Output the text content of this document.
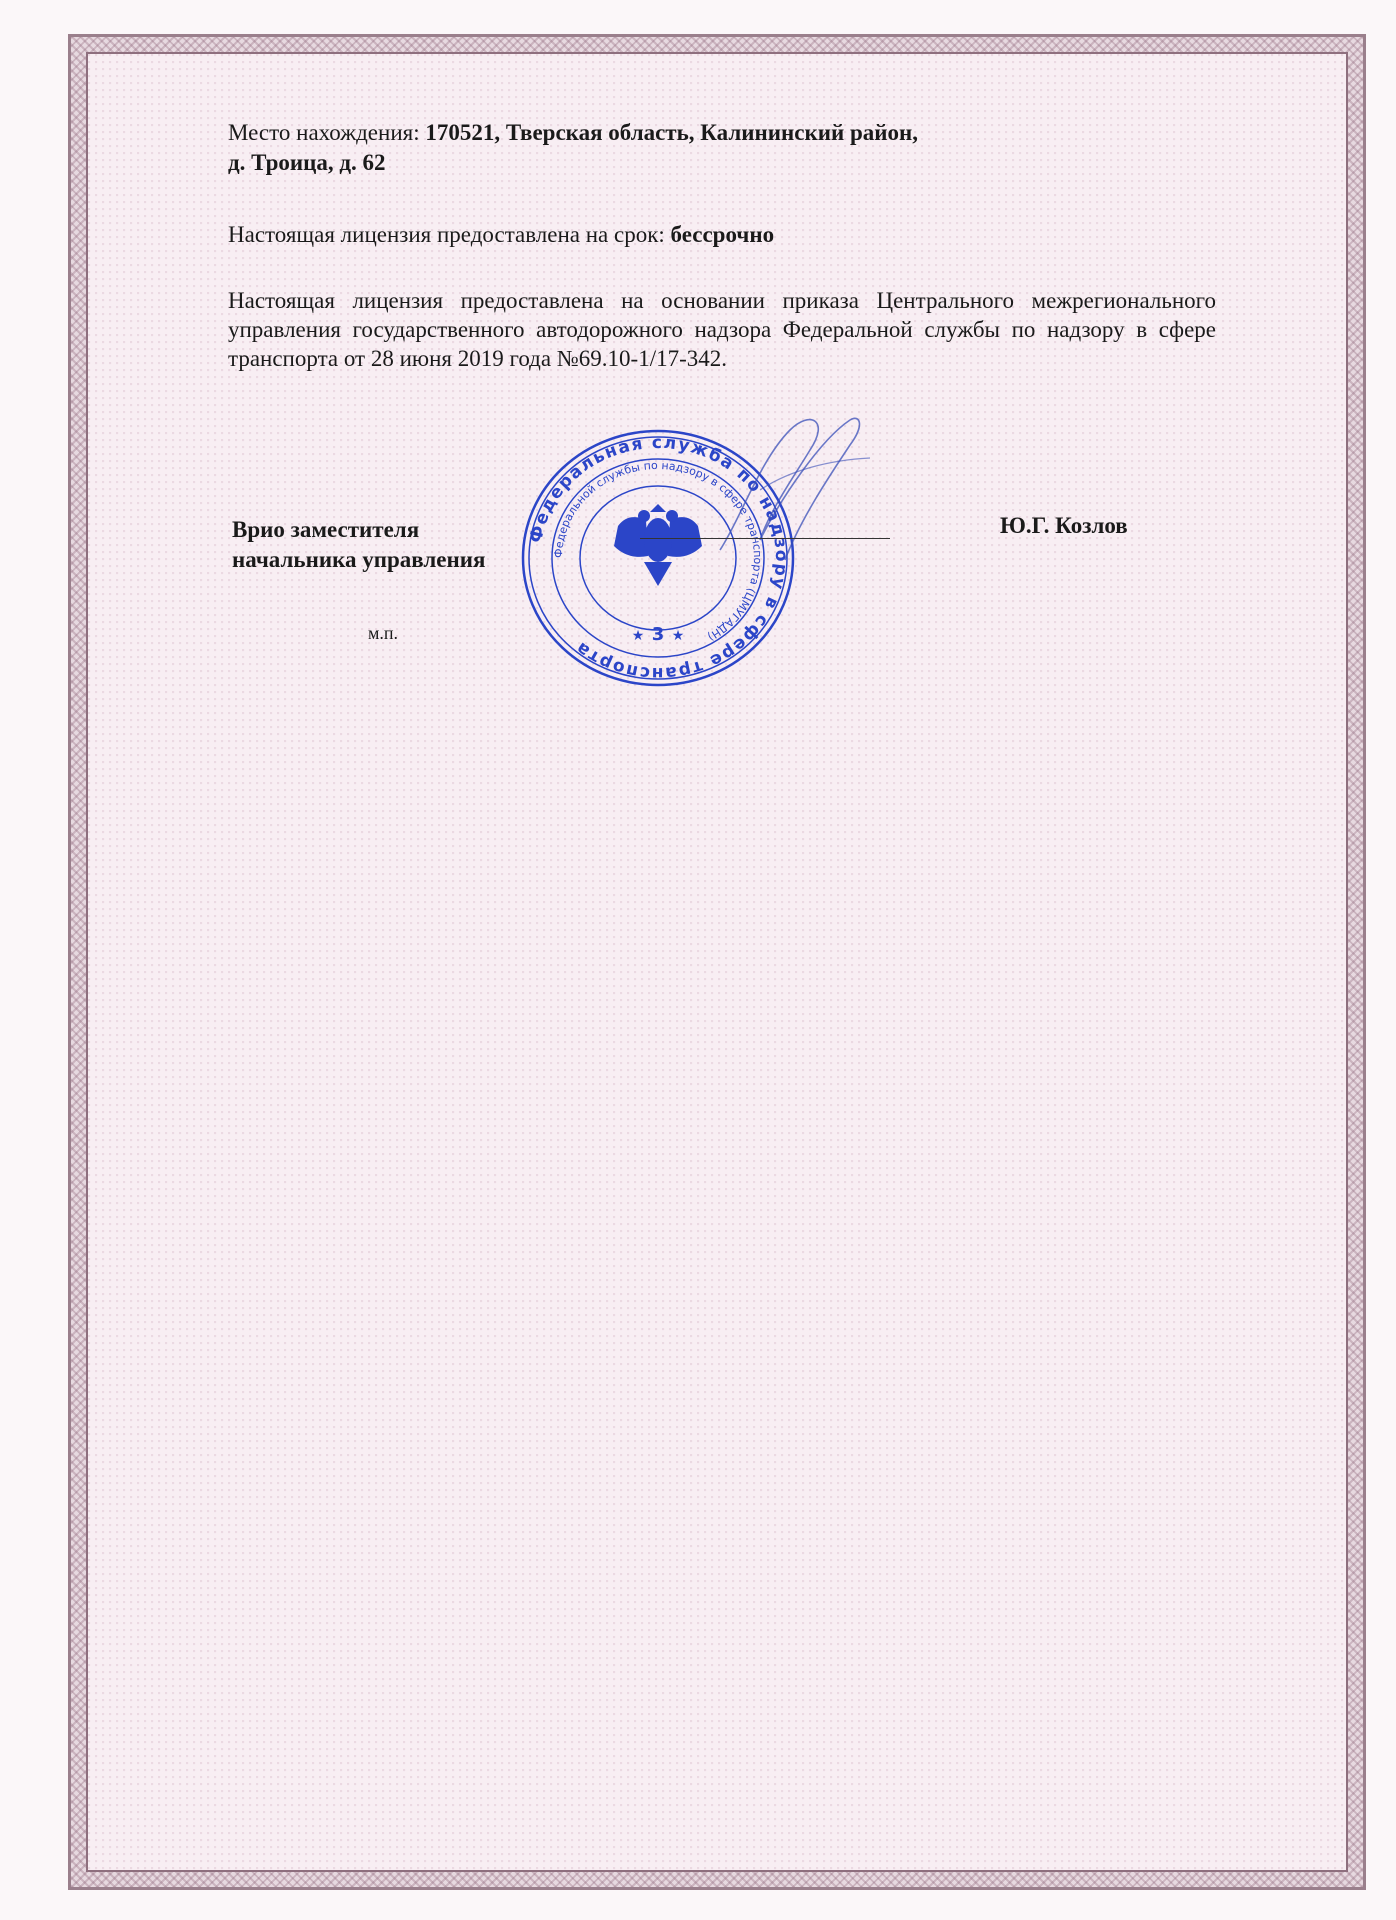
Место нахождения: 170521, Тверская область, Калининский район,
д. Троица, д. 62
Настоящая лицензия предоставлена на срок: бессрочно
Настоящая лицензия предоставлена на основании приказа Центрального межрегионального управления государственного автодорожного надзора Федеральной службы по надзору в сфере транспорта от 28 июня 2019 года №69.10-1/17-342.
Федеральная служба по надзору в сфере транспорта
Федеральной службы по надзору в сфере транспорта (ЦМУГАДН)
3
★ ★
Врио заместителя
начальника управления
Ю.Г. Козлов
м.п.
